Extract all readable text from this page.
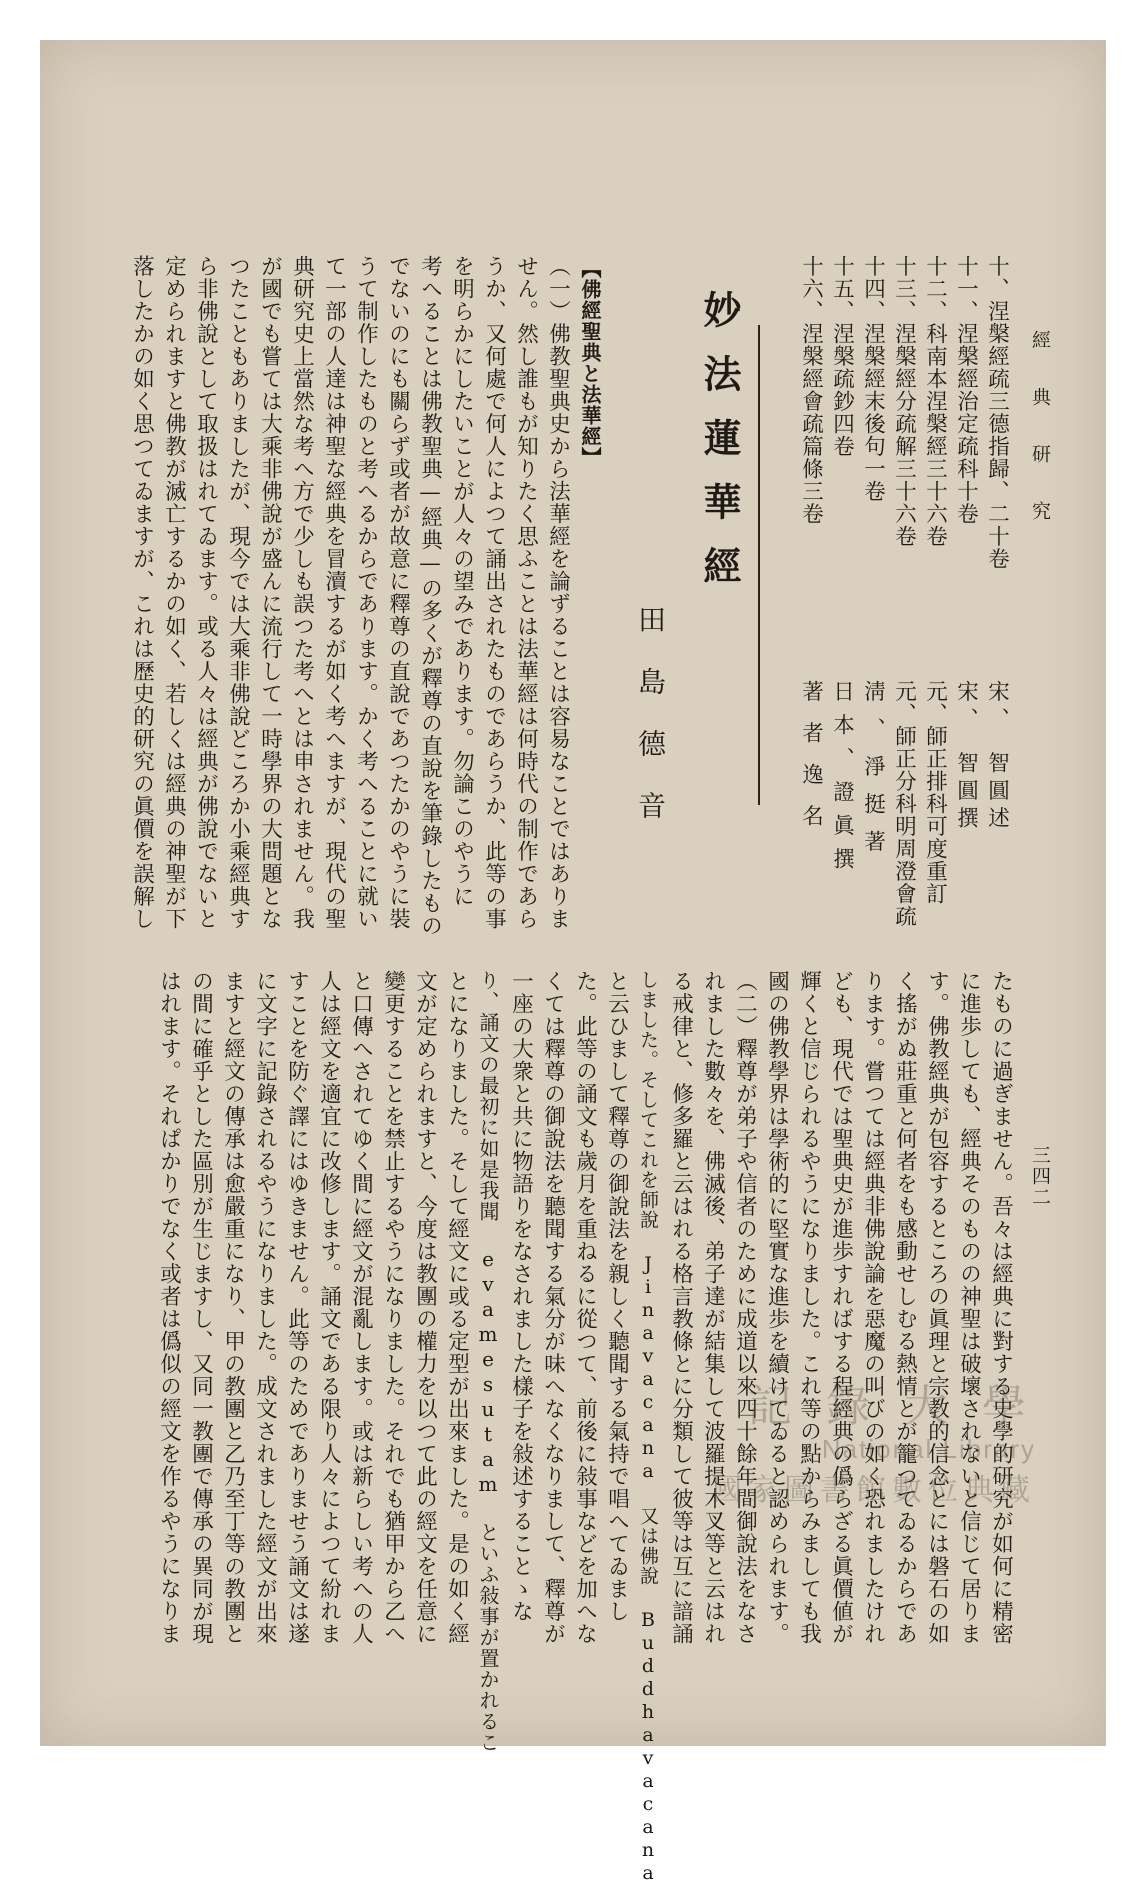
經 典 研 究
三四二
十、涅槃經疏三德指歸、二十卷
十一、涅槃經治定疏科十卷
十二、科南本涅槃經三十六卷
十三、涅槃經分疏解三十六卷
十四、涅槃經末後句一卷
十五、涅槃疏鈔四卷
十六、涅槃經會疏篇條三卷
宋、　智圓述
宋、　智圓撰
元、師正排科可度重訂
元、師正分科明周澄會疏
淸、淨挺著
日本、證眞撰
著者逸名
妙法蓮華經
田島德音
【佛經聖典と法華經】
（一）佛教聖典史から法華經を論ずることは容易なことではありま
せん。然し誰もが知りたく思ふことは法華經は何時代の制作であら
うか、又何處で何人によつて誦出されたものであらうか、此等の事
を明らかにしたいことが人々の望みであります。勿論このやうに
考へることは佛教聖典—經典—の多くが釋尊の直說を筆錄したもの
でないのにも關らず或者が故意に釋尊の直說であつたかのやうに裝
うて制作したものと考へるからであります。かく考へることに就い
て一部の人達は神聖な經典を冒瀆するが如く考へますが、現代の聖
典研究史上當然な考へ方で少しも誤つた考へとは申されません。我
が國でも嘗ては大乘非佛說が盛んに流行して一時學界の大問題とな
つたこともありましたが、現今では大乘非佛說どころか小乘經典す
ら非佛說として取扱はれてゐます。或る人々は經典が佛說でないと
定められますと佛教が滅亡するかの如く、若しくは經典の神聖が下
落したかの如く思つてゐますが、これは歷史的研究の眞價を誤解し
たものに過ぎません。吾々は經典に對する史學的研究が如何に精密
に進歩しても、經典そのものの神聖は破壞されないと信じて居りま
す。佛教經典が包容するところの眞理と宗教的信念とには磐石の如
く搖がぬ莊重と何者をも感動せしむる熱情とが籠つてゐるからであ
ります。嘗つては經典非佛說論を惡魔の叫びの如く恐れましたけれ
ども、現代では聖典史が進歩すればする程經典の僞らざる眞價値が
輝くと信じられるやうになりました。これ等の點からみましても我
國の佛教學界は學術的に堅實な進歩を續けてゐると認められます。
（二）釋尊が弟子や信者のために成道以來四十餘年間御說法をなさ
れました數々を、佛滅後、弟子達が結集して波羅提木叉等と云はれ
る戒律と、修多羅と云はれる格言教條とに分類して彼等は互に諳誦
しました。そしてこれを師說 Jinavacana 又は佛說 Buddhavacana
と云ひまして釋尊の御說法を親しく聽聞する氣持で唱へてゐまし
た。此等の誦文も歲月を重ねるに從つて、前後に敍事などを加へな
くては釋尊の御說法を聽聞する氣分が味へなくなりまして、釋尊が
一座の大衆と共に物語りをなされました樣子を敍述することゝな
り、誦文の最初に如是我聞 evamesutam といふ敍事が置かれるこ
とになりました。そして經文に或る定型が出來ました。是の如く經
文が定められますと、今度は教團の權力を以つて此の經文を任意に
變更することを禁止するやうになりました。それでも猶甲から乙へ
と口傳へされてゆく間に經文が混亂します。或は新らしい考への人
人は經文を適宜に改修します。誦文である限り人々によつて紛れま
すことを防ぐ譯にはゆきません。此等のためでありませう誦文は遂
に文字に記錄されるやうになりました。成文されました經文が出來
ますと經文の傳承は愈嚴重になり、甲の教團と乙乃至丁等の教團と
の間に確乎とした區別が生じますし、又同一教團で傳承の異同が現
はれます。それぱかりでなく或者は僞似の經文を作るやうになりま	記 錄 大 學
National Library
國家圖書館數位典藏
